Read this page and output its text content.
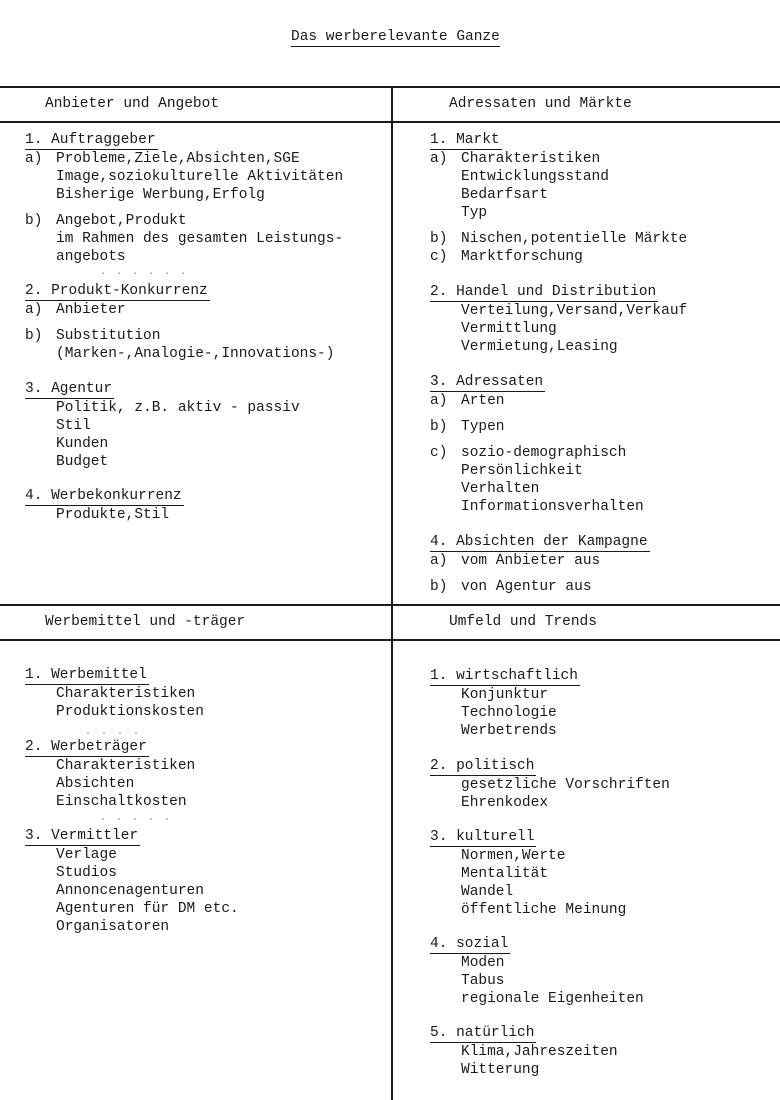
Das werberelevante Ganze
Anbieter und Angebot	Adressaten und Märkte
Werbemittel und -träger	Umfeld und Trends
· · · · · ·
· · · ·
· · · · ·
1. Auftraggeber
a) Probleme,Ziele,Absichten,SGE
Image,soziokulturelle Aktivitäten
Bisherige Werbung,Erfolg
b) Angebot,Produkt
im Rahmen des gesamten Leistungs-
angebots
2. Produkt-Konkurrenz
a) Anbieter
b) Substitution
(Marken-,Analogie-,Innovations-)
3. Agentur
Politik, z.B. aktiv - passiv
Stil
Kunden
Budget
4. Werbekonkurrenz
Produkte,Stil
1. Markt
a) Charakteristiken
Entwicklungsstand
Bedarfsart
Typ
b) Nischen,potentielle Märkte
c) Marktforschung
2. Handel und Distribution
Verteilung,Versand,Verkauf
Vermittlung
Vermietung,Leasing
3. Adressaten
a) Arten
b) Typen
c) sozio-demographisch
Persönlichkeit
Verhalten
Informationsverhalten
4. Absichten der Kampagne
a) vom Anbieter aus
b) von Agentur aus
1. Werbemittel
Charakteristiken
Produktionskosten
2. Werbeträger
Charakteristiken
Absichten
Einschaltkosten
3. Vermittler
Verlage
Studios
Annoncenagenturen
Agenturen für DM etc.
Organisatoren
1. wirtschaftlich
Konjunktur
Technologie
Werbetrends
2. politisch
gesetzliche Vorschriften
Ehrenkodex
3. kulturell
Normen,Werte
Mentalität
Wandel
öffentliche Meinung
4. sozial
Moden
Tabus
regionale Eigenheiten
5. natürlich
Klima,Jahreszeiten
Witterung
